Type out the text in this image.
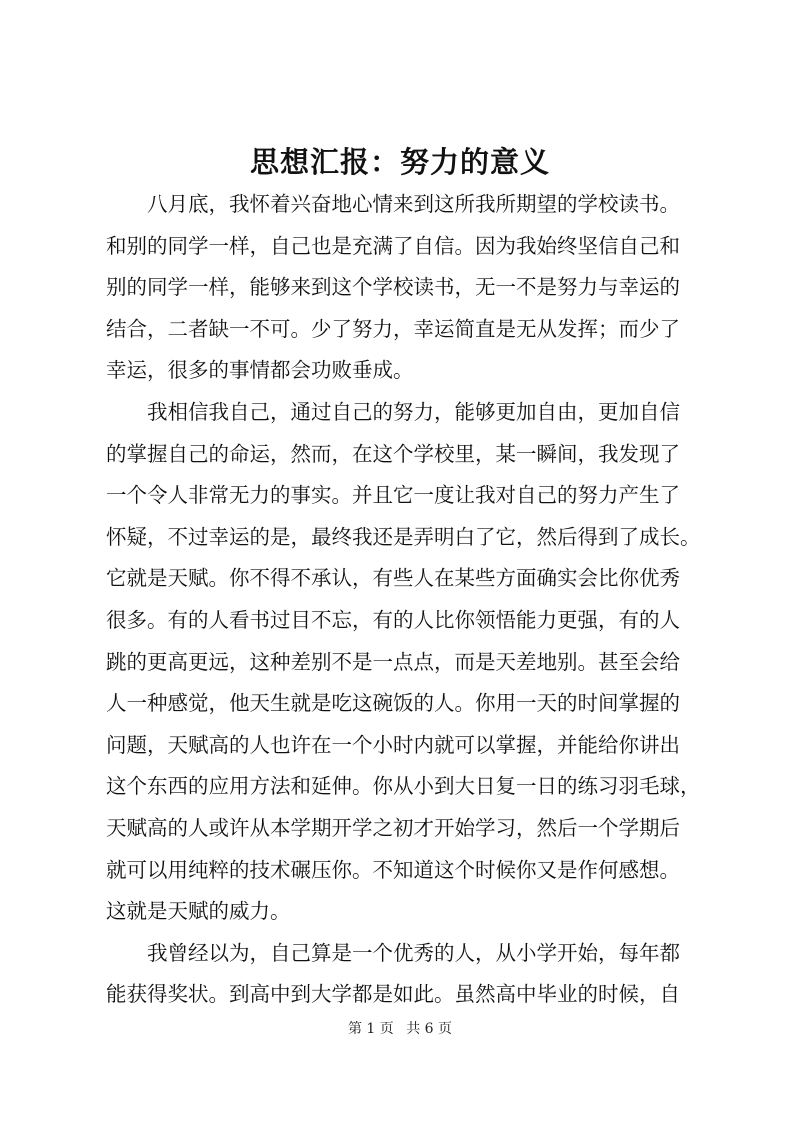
思想汇报：努力的意义
八月底，我怀着兴奋地心情来到这所我所期望的学校读书。
和别的同学一样，自己也是充满了自信。因为我始终坚信自己和
别的同学一样，能够来到这个学校读书，无一不是努力与幸运的
结合，二者缺一不可。少了努力，幸运简直是无从发挥；而少了
幸运，很多的事情都会功败垂成。
我相信我自己，通过自己的努力，能够更加自由，更加自信
的掌握自己的命运，然而，在这个学校里，某一瞬间，我发现了
一个令人非常无力的事实。并且它一度让我对自己的努力产生了
怀疑，不过幸运的是，最终我还是弄明白了它，然后得到了成长。
它就是天赋。你不得不承认，有些人在某些方面确实会比你优秀
很多。有的人看书过目不忘，有的人比你领悟能力更强，有的人
跳的更高更远，这种差别不是一点点，而是天差地别。甚至会给
人一种感觉，他天生就是吃这碗饭的人。你用一天的时间掌握的
问题，天赋高的人也许在一个小时内就可以掌握，并能给你讲出
这个东西的应用方法和延伸。你从小到大日复一日的练习羽毛球，
天赋高的人或许从本学期开学之初才开始学习，然后一个学期后
就可以用纯粹的技术碾压你。不知道这个时候你又是作何感想。
这就是天赋的威力。
我曾经以为，自己算是一个优秀的人，从小学开始，每年都
能获得奖状。到高中到大学都是如此。虽然高中毕业的时候，自
第 1 页 共 6 页
